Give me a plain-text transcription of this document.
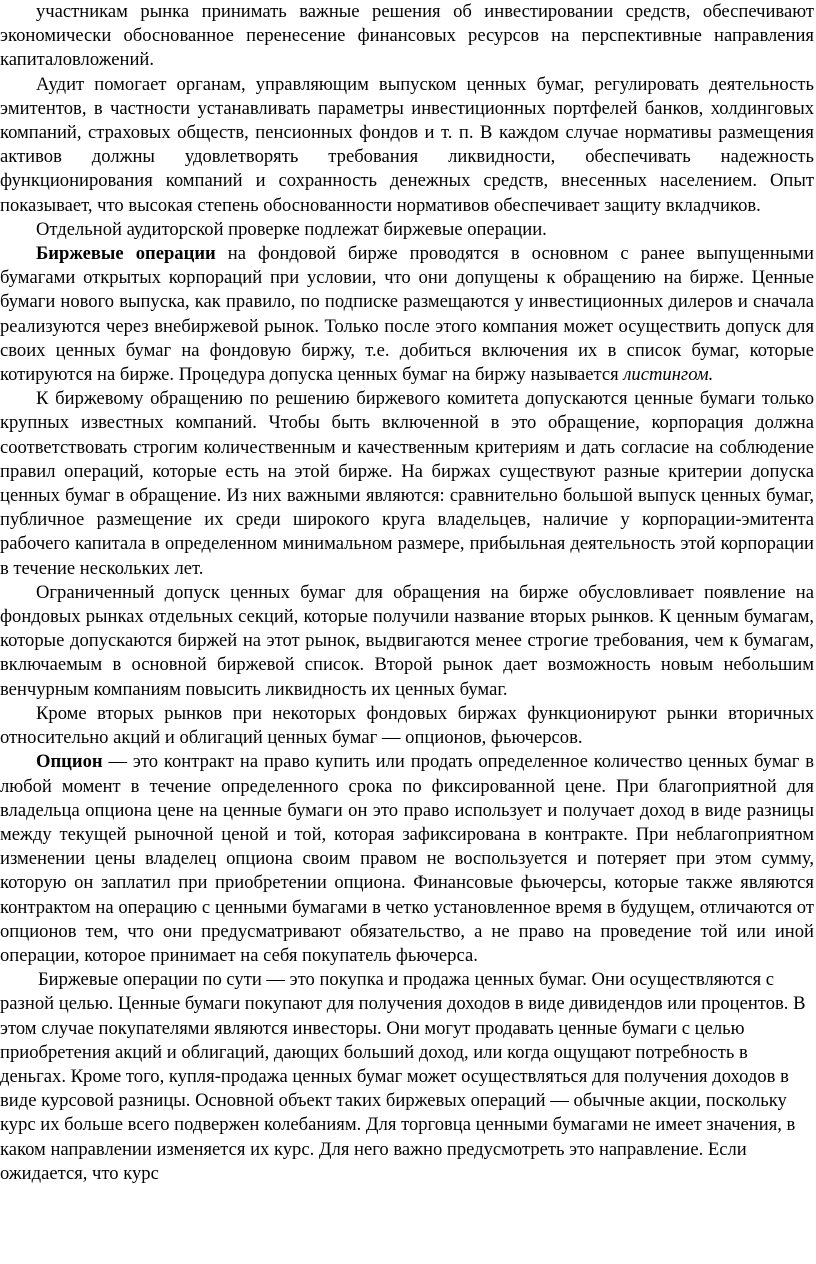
участникам рынка принимать важные решения об инвестировании средств, обеспечивают экономически обоснованное перенесение финансовых ресурсов на перспективные направления капиталовложений.

Аудит помогает органам, управляющим выпуском ценных бумаг, регулировать деятельность эмитентов, в частности устанавливать параметры инвестиционных портфелей банков, холдинговых компаний, страховых обществ, пенсионных фондов и т. п. В каждом случае нормативы размещения активов должны удовлетворять требования ликвидности, обеспечивать надежность функционирования компаний и сохранность денежных средств, внесенных населением. Опыт показывает, что высокая степень обоснованности нормативов обеспечивает защиту вкладчиков.

Отдельной аудиторской проверке подлежат биржевые операции.

Биржевые операции на фондовой бирже проводятся в основном с ранее выпущенными бумагами открытых корпораций при условии, что они допущены к обращению на бирже. Ценные бумаги нового выпуска, как правило, по подписке размещаются у инвестиционных дилеров и сначала реализуются через внебиржевой рынок. Только после этого компания может осуществить допуск для своих ценных бумаг на фондовую биржу, т.е. добиться включения их в список бумаг, которые котируются на бирже. Процедура допуска ценных бумаг на биржу называется листингом.

К биржевому обращению по решению биржевого комитета допускаются ценные бумаги только крупных известных компаний. Чтобы быть включенной в это обращение, корпорация должна соответствовать строгим количественным и качественным критериям и дать согласие на соблюдение правил операций, которые есть на этой бирже. На биржах существуют разные критерии допуска ценных бумаг в обращение. Из них важными являются: сравнительно большой выпуск ценных бумаг, публичное размещение их среди широкого круга владельцев, наличие у корпорации-эмитента рабочего капитала в определенном минимальном размере, прибыльная деятельность этой корпорации в течение нескольких лет.

Ограниченный допуск ценных бумаг для обращения на бирже обусловливает появление на фондовых рынках отдельных секций, которые получили название вторых рынков. К ценным бумагам, которые допускаются биржей на этот рынок, выдвигаются менее строгие требования, чем к бумагам, включаемым в основной биржевой список. Второй рынок дает возможность новым небольшим венчурным компаниям повысить ликвидность их ценных бумаг.

Кроме вторых рынков при некоторых фондовых биржах функционируют рынки вторичных относительно акций и облигаций ценных бумаг — опционов, фьючерсов.

Опцион — это контракт на право купить или продать определенное количество ценных бумаг в любой момент в течение определенного срока по фиксированной цене. При благоприятной для владельца опциона цене на ценные бумаги он это право использует и получает доход в виде разницы между текущей рыночной ценой и той, которая зафиксирована в контракте. При неблагоприятном изменении цены владелец опциона своим правом не воспользуется и потеряет при этом сумму, которую он заплатил при приобретении опциона. Финансовые фьючерсы, которые также являются контрактом на операцию с ценными бумагами в четко установленное время в будущем, отличаются от опционов тем, что они предусматривают обязательство, а не право на проведение той или иной операции, которое принимает на себя покупатель фьючерса.

Биржевые операции по сути — это покупка и продажа ценных бумаг. Они осуществляются с разной целью. Ценные бумаги покупают для получения доходов в виде дивидендов или процентов. В этом случае покупателями являются инвесторы. Они могут продавать ценные бумаги с целью приобретения акций и облигаций, дающих больший доход, или когда ощущают потребность в деньгах. Кроме того, купля-продажа ценных бумаг может осуществляться для получения доходов в виде курсовой разницы. Основной объект таких биржевых операций — обычные акции, поскольку курс их больше всего подвержен колебаниям. Для торговца ценными бумагами не имеет значения, в каком направлении изменяется их курс. Для него важно предусмотреть это направление. Если ожидается, что курс
